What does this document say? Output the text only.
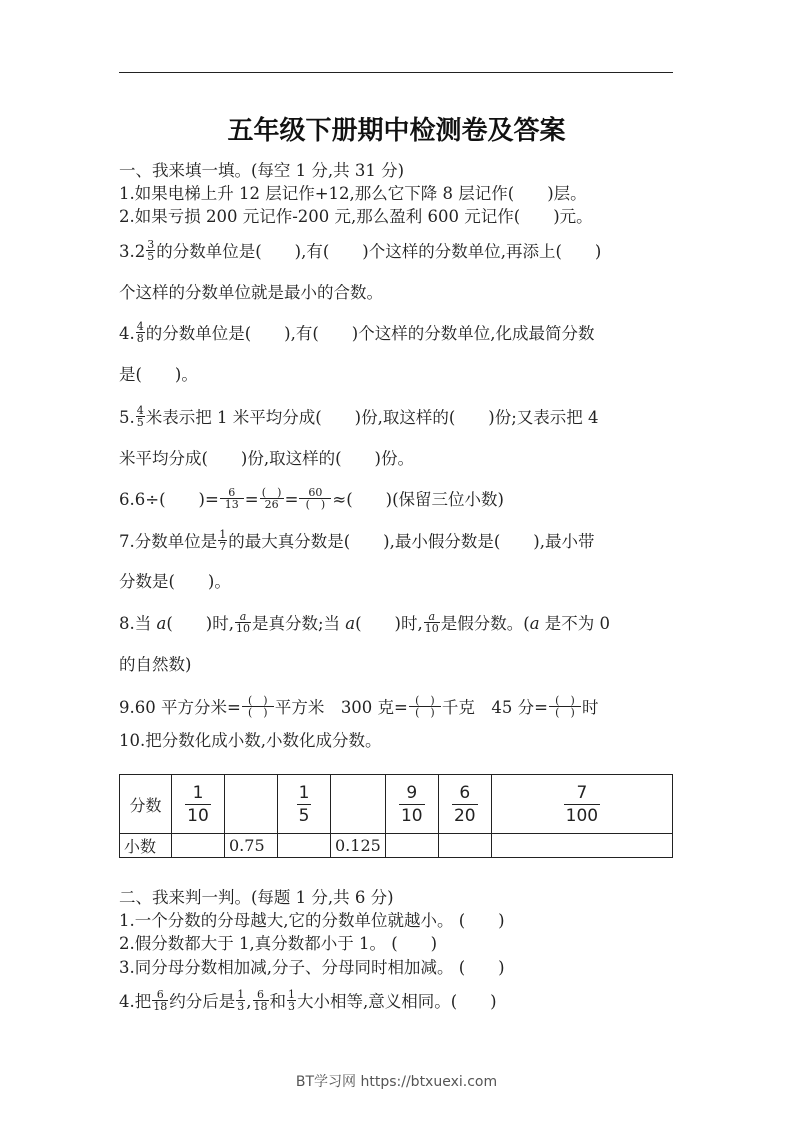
五年级下册期中检测卷及答案
一、我来填一填。(每空 1 分,共 31 分)
1.如果电梯上升 12 层记作+12,那么它下降 8 层记作(　　)层。
2.如果亏损 200 元记作-200 元,那么盈利 600 元记作(　　)元。
$3.2 \frac{3}{5}$ 的分数单位是(　　),有(　　)个这样的分数单位,再添上(　　)
个这样的分数单位就是最小的合数。
4. $\frac{4}{8}$ 的分数单位是(　　),有(　　)个这样的分数单位,化成最简分数
是(　　)。
5. $\frac{4}{5}$ 米表示把 1 米平均分成(　　)份,取这样的(　　)份;又表示把 4
米平均分成(　　)份,取这样的(　　)份。
6.6÷(　　)= $\frac{6}{13} = \frac{( )}{26} = \frac{60}{( )}$ ≈(　　)(保留三位小数)
7.分数单位是 $\frac{1}{7}$ 的最大真分数是(　　),最小假分数是(　　),最小带
分数是(　　)。
8.当 a(　　)时, $\frac{a}{10}$ 是真分数;当 a(　　)时, $\frac{a}{10}$ 是假分数。(a 是不为 0
的自然数)
9.60 平方分米= $\frac{( )}{( )}$ 平方米　300 克= $\frac{( )}{( )}$ 千克　45 分= $\frac{( )}{( )}$ 时
10.把分数化成小数,小数化成分数。
分数	$\frac{1}{10}$		$\frac{1}{5}$		$\frac{9}{10}$	$\frac{6}{20}$	$\frac{7}{100}$

小数		0.75		0.125			
二、我来判一判。(每题 1 分,共 6 分)
1.一个分数的分母越大,它的分数单位就越小。 (　　)
2.假分数都大于 1,真分数都小于 1。 (　　)
3.同分母分数相加减,分子、分母同时相加减。 (　　)
4.把 $\frac{6}{18}$ 约分后是 $\frac{1}{3}$ , $\frac{6}{18}$ 和 $\frac{1}{3}$ 大小相等,意义相同。(　　)
BT学习网 https://btxuexi.com
